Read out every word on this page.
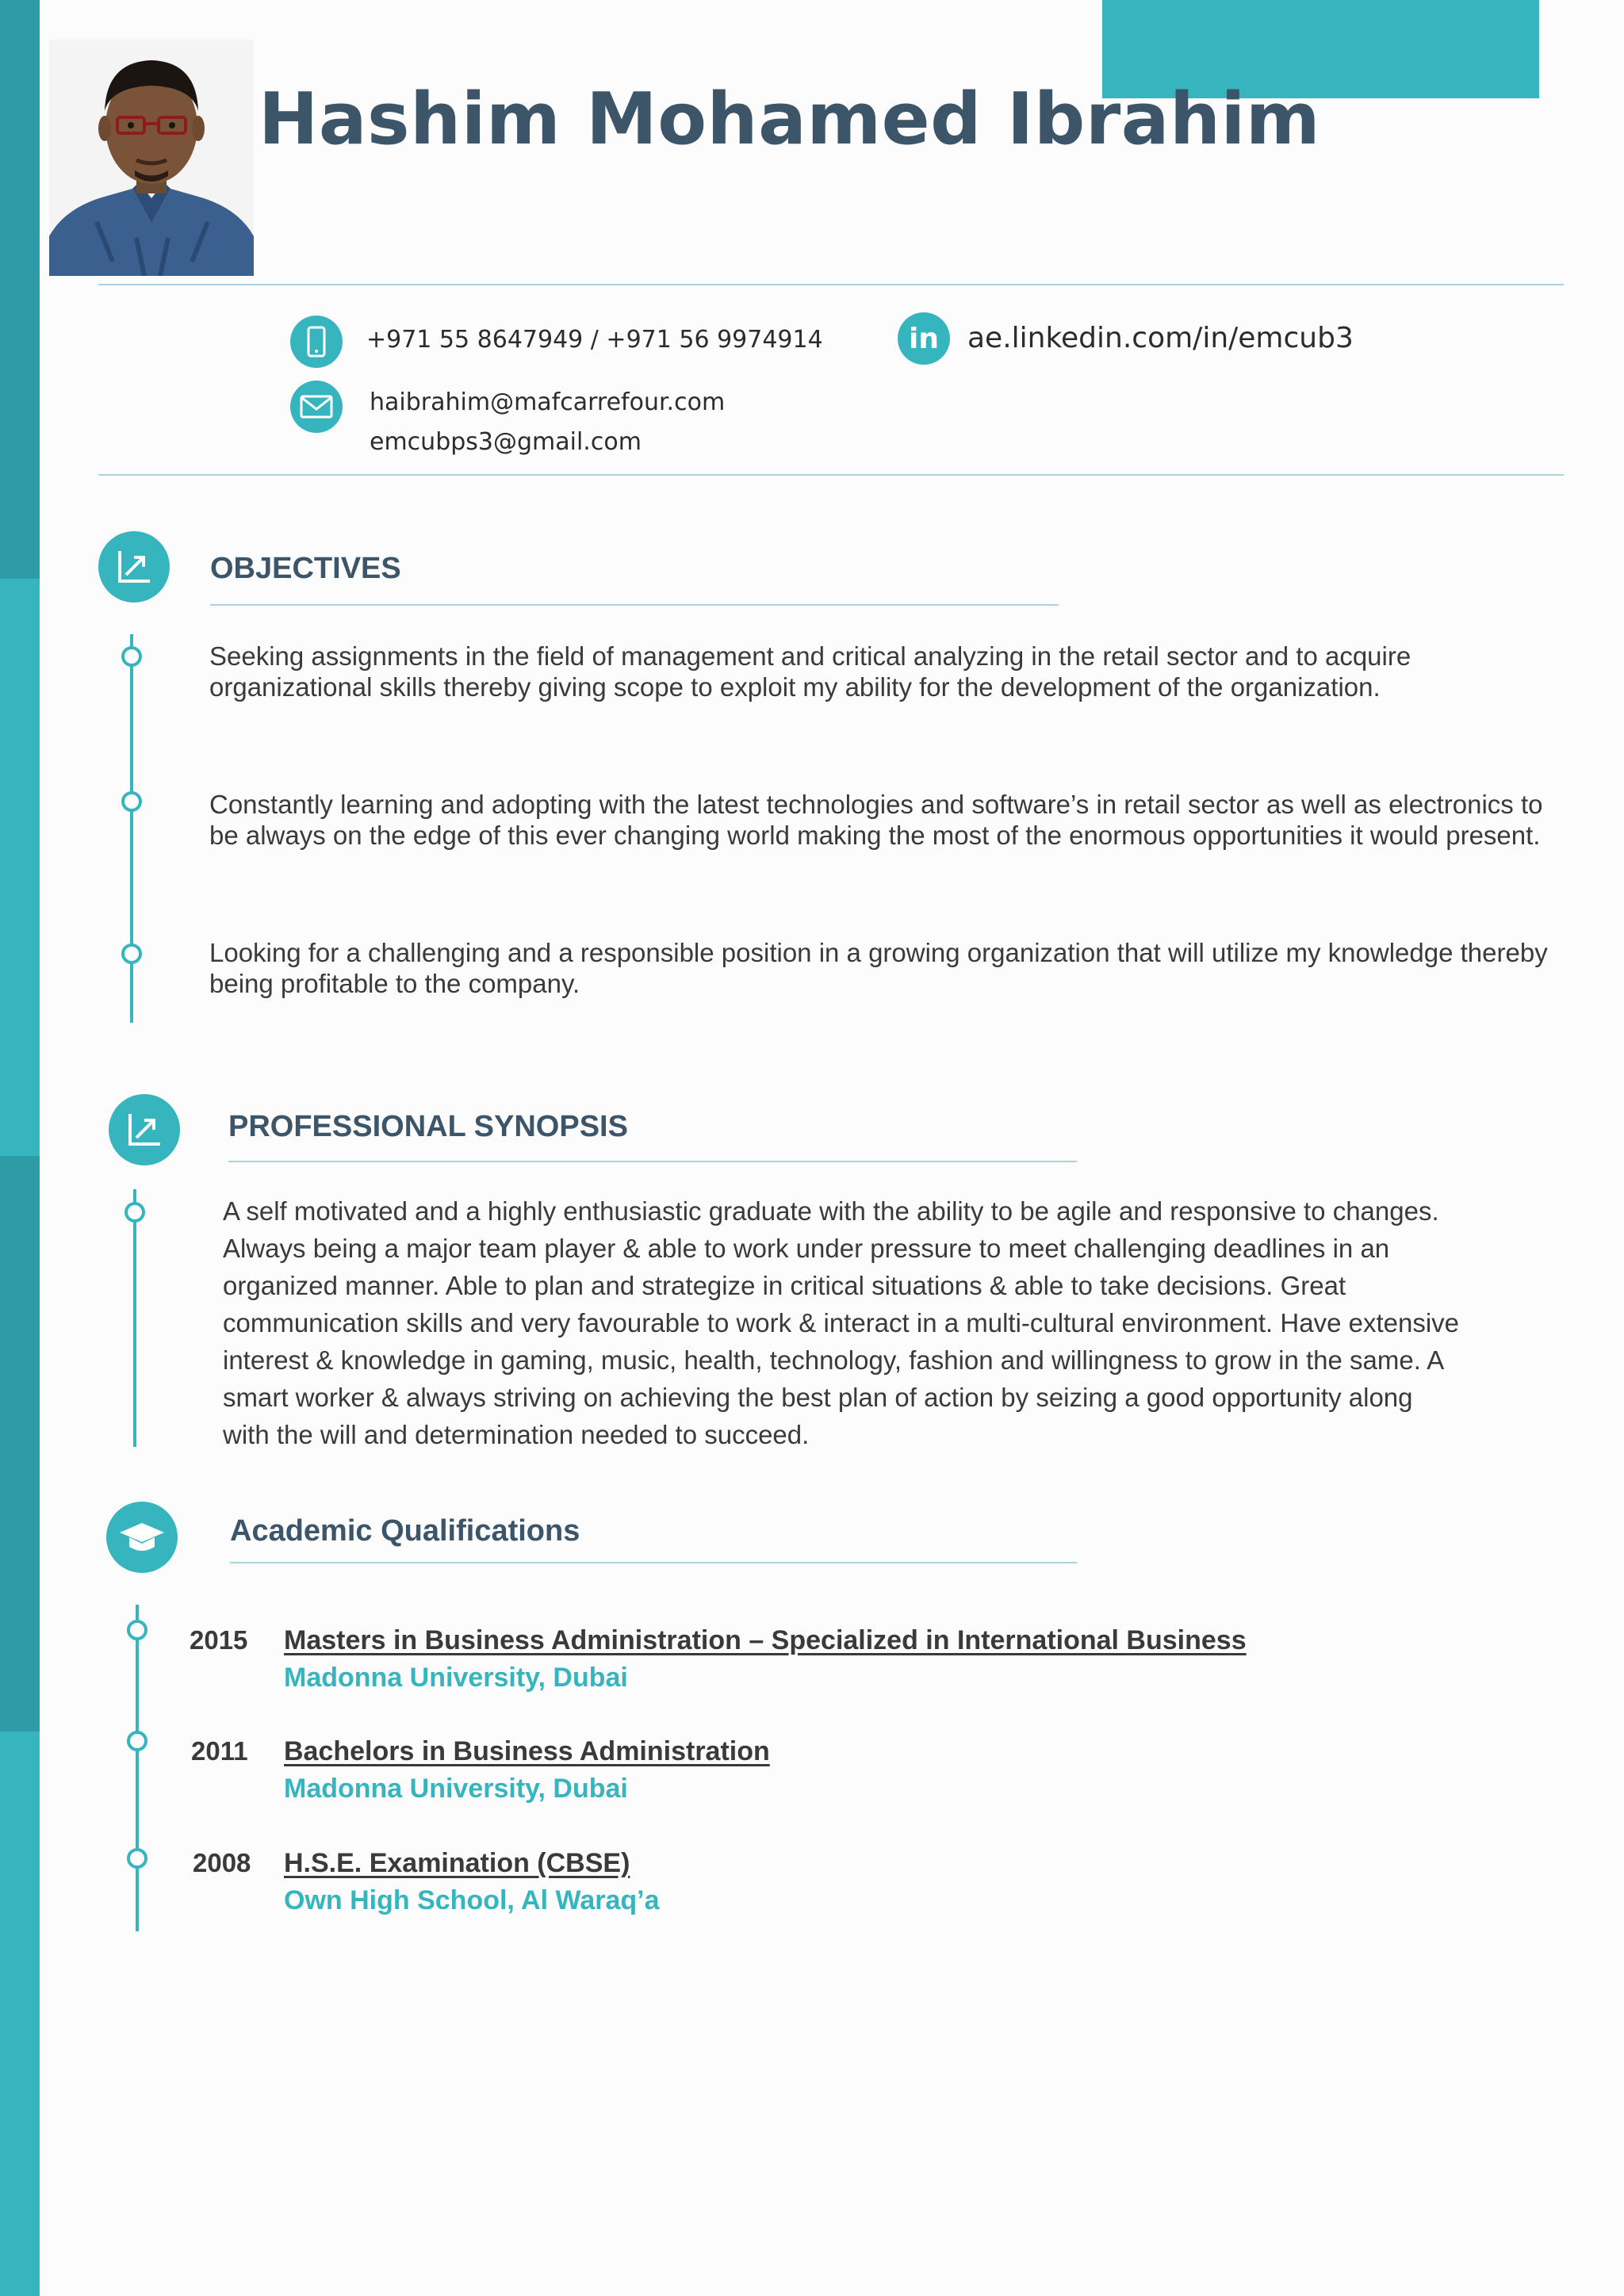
Hashim Mohamed Ibrahim
+971 55 8647949 / +971 56 9974914	in ae.linkedin.com/in/emcub3
haibrahim@mafcarrefour.com
emcubps3@gmail.com
OBJECTIVES
Seeking assignments in the field of management and critical analyzing in the retail sector and to acquire organizational skills thereby giving scope to exploit my ability for the development of the organization.
Constantly learning and adopting with the latest technologies and software’s in retail sector as well as electronics to be always on the edge of this ever changing world making the most of the enormous opportunities it would present.
Looking for a challenging and a responsible position in a growing organization that will utilize my knowledge thereby being profitable to the company.
PROFESSIONAL SYNOPSIS
A self motivated and a highly enthusiastic graduate with the ability to be agile and responsive to changes. Always being a major team player & able to work under pressure to meet challenging deadlines in an organized manner. Able to plan and strategize in critical situations & able to take decisions. Great communication skills and very favourable to work & interact in a multi-cultural environment. Have extensive interest & knowledge in gaming, music, health, technology, fashion and willingness to grow in the same. A smart worker & always striving on achieving the best plan of action by seizing a good opportunity along with the will and determination needed to succeed.
Academic Qualifications
2015 Masters in Business Administration – Specialized in International Business
Madonna University, Dubai
2011 Bachelors in Business Administration
Madonna University, Dubai
2008 H.S.E. Examination (CBSE)
Own High School, Al Waraq’a
